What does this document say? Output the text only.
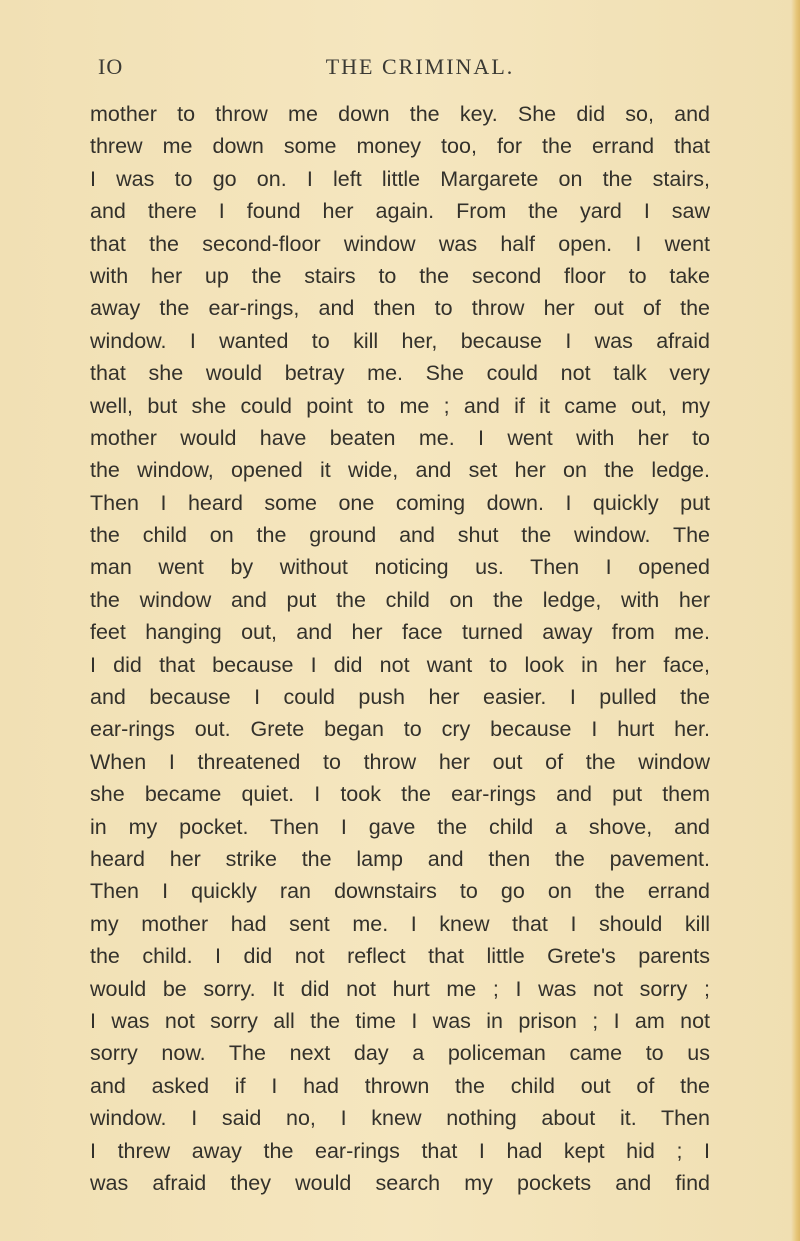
IO	THE CRIMINAL.
mother to throw me down the key. She did so, and
threw me down some money too, for the errand that
I was to go on. I left little Margarete on the stairs,
and there I found her again. From the yard I saw
that the second-floor window was half open. I went
with her up the stairs to the second floor to take
away the ear-rings, and then to throw her out of the
window. I wanted to kill her, because I was afraid
that she would betray me. She could not talk very
well, but she could point to me ; and if it came out, my
mother would have beaten me. I went with her to
the window, opened it wide, and set her on the ledge.
Then I heard some one coming down. I quickly put
the child on the ground and shut the window. The
man went by without noticing us. Then I opened
the window and put the child on the ledge, with her
feet hanging out, and her face turned away from me.
I did that because I did not want to look in her face,
and because I could push her easier. I pulled the
ear-rings out. Grete began to cry because I hurt her.
When I threatened to throw her out of the window
she became quiet. I took the ear-rings and put them
in my pocket. Then I gave the child a shove, and
heard her strike the lamp and then the pavement.
Then I quickly ran downstairs to go on the errand
my mother had sent me. I knew that I should kill
the child. I did not reflect that little Grete's parents
would be sorry. It did not hurt me ; I was not sorry ;
I was not sorry all the time I was in prison ; I am not
sorry now. The next day a policeman came to us
and asked if I had thrown the child out of the
window. I said no, I knew nothing about it. Then
I threw away the ear-rings that I had kept hid ; I
was afraid they would search my pockets and find
